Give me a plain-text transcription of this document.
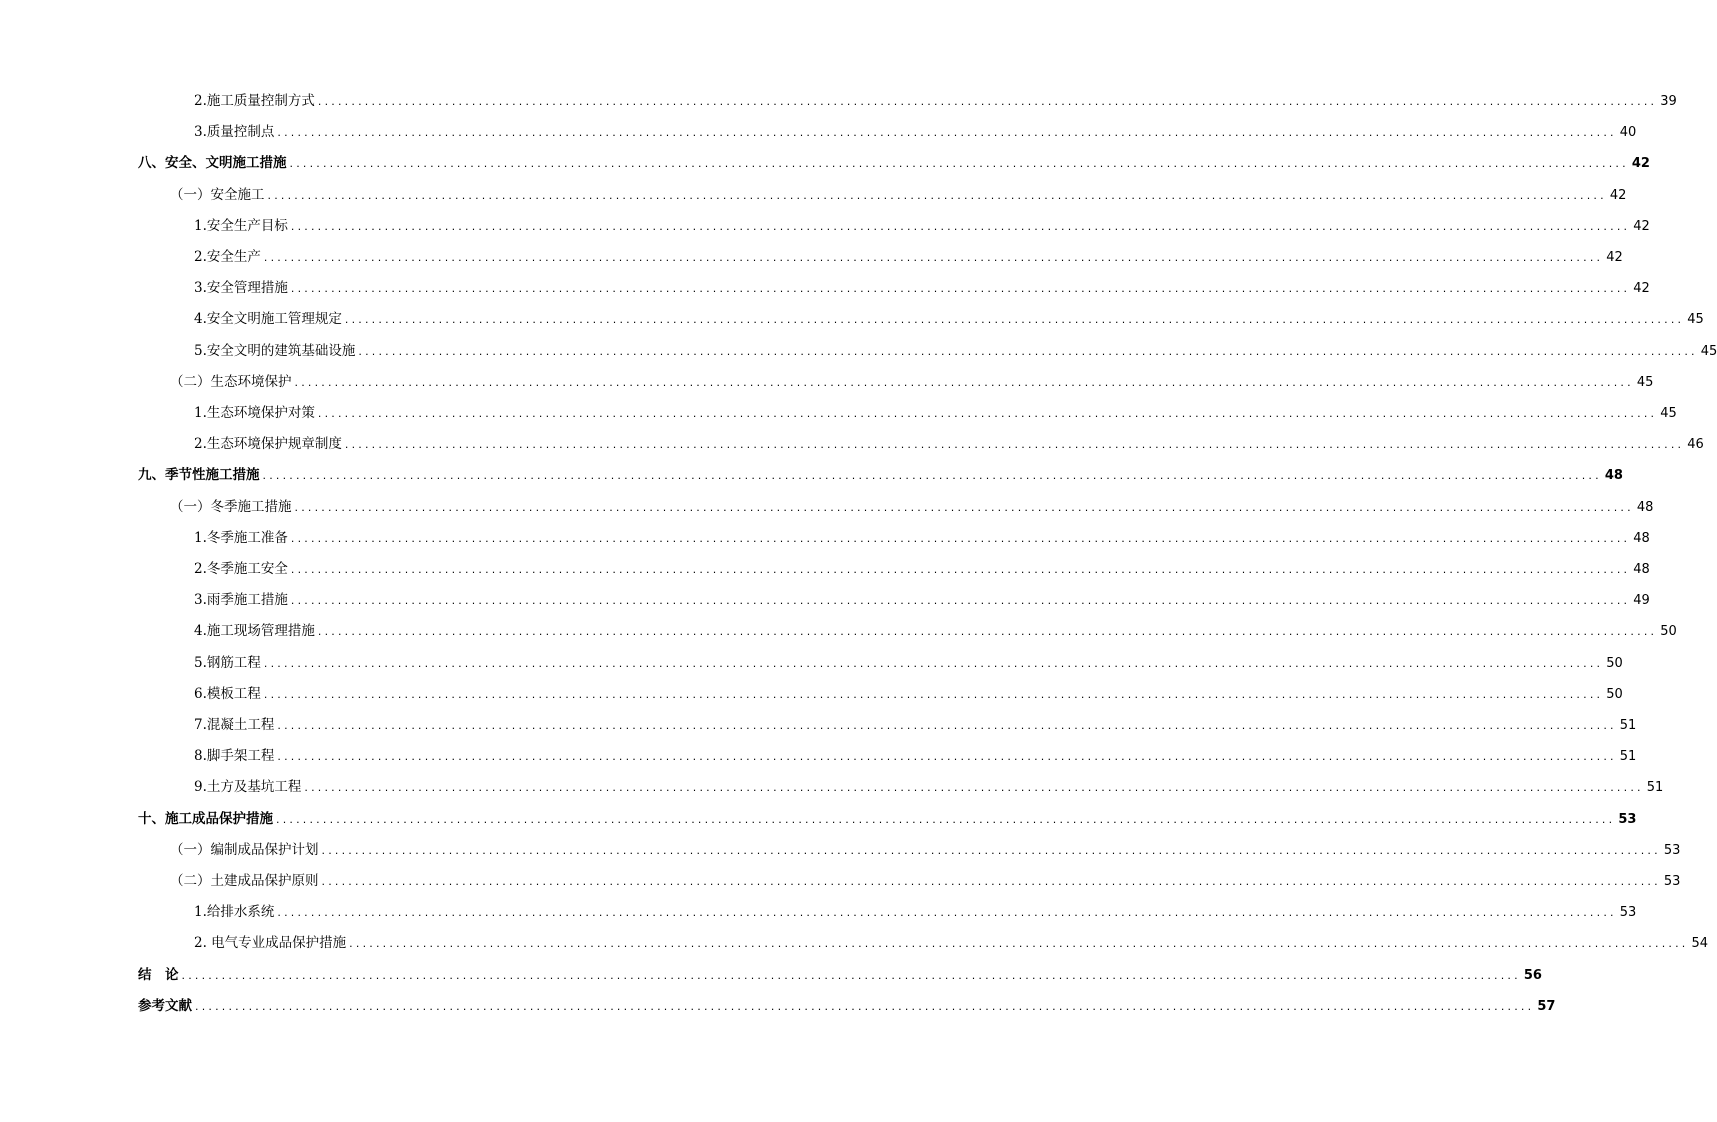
2.施工质量控制方式 ........................................................................................................................................................................................................ 39
3.质量控制点 ........................................................................................................................................................................................................ 40
八、安全、文明施工措施 ........................................................................................................................................................................................................ 42
（一）安全施工 ........................................................................................................................................................................................................ 42
1.安全生产目标 ........................................................................................................................................................................................................ 42
2.安全生产 ........................................................................................................................................................................................................ 42
3.安全管理措施 ........................................................................................................................................................................................................ 42
4.安全文明施工管理规定 ........................................................................................................................................................................................................ 45
5.安全文明的建筑基础设施 ........................................................................................................................................................................................................ 45
（二）生态环境保护 ........................................................................................................................................................................................................ 45
1.生态环境保护对策 ........................................................................................................................................................................................................ 45
2.生态环境保护规章制度 ........................................................................................................................................................................................................ 46
九、季节性施工措施 ........................................................................................................................................................................................................ 48
（一）冬季施工措施 ........................................................................................................................................................................................................ 48
1.冬季施工准备 ........................................................................................................................................................................................................ 48
2.冬季施工安全 ........................................................................................................................................................................................................ 48
3.雨季施工措施 ........................................................................................................................................................................................................ 49
4.施工现场管理措施 ........................................................................................................................................................................................................ 50
5.钢筋工程 ........................................................................................................................................................................................................ 50
6.模板工程 ........................................................................................................................................................................................................ 50
7.混凝土工程 ........................................................................................................................................................................................................ 51
8.脚手架工程 ........................................................................................................................................................................................................ 51
9.土方及基坑工程 ........................................................................................................................................................................................................ 51
十、施工成品保护措施 ........................................................................................................................................................................................................ 53
（一）编制成品保护计划 ........................................................................................................................................................................................................ 53
（二）土建成品保护原则 ........................................................................................................................................................................................................ 53
1.给排水系统 ........................................................................................................................................................................................................ 53
2. 电气专业成品保护措施 ........................................................................................................................................................................................................ 54
结　论 ........................................................................................................................................................................................................ 56
参考文献 ........................................................................................................................................................................................................ 57
